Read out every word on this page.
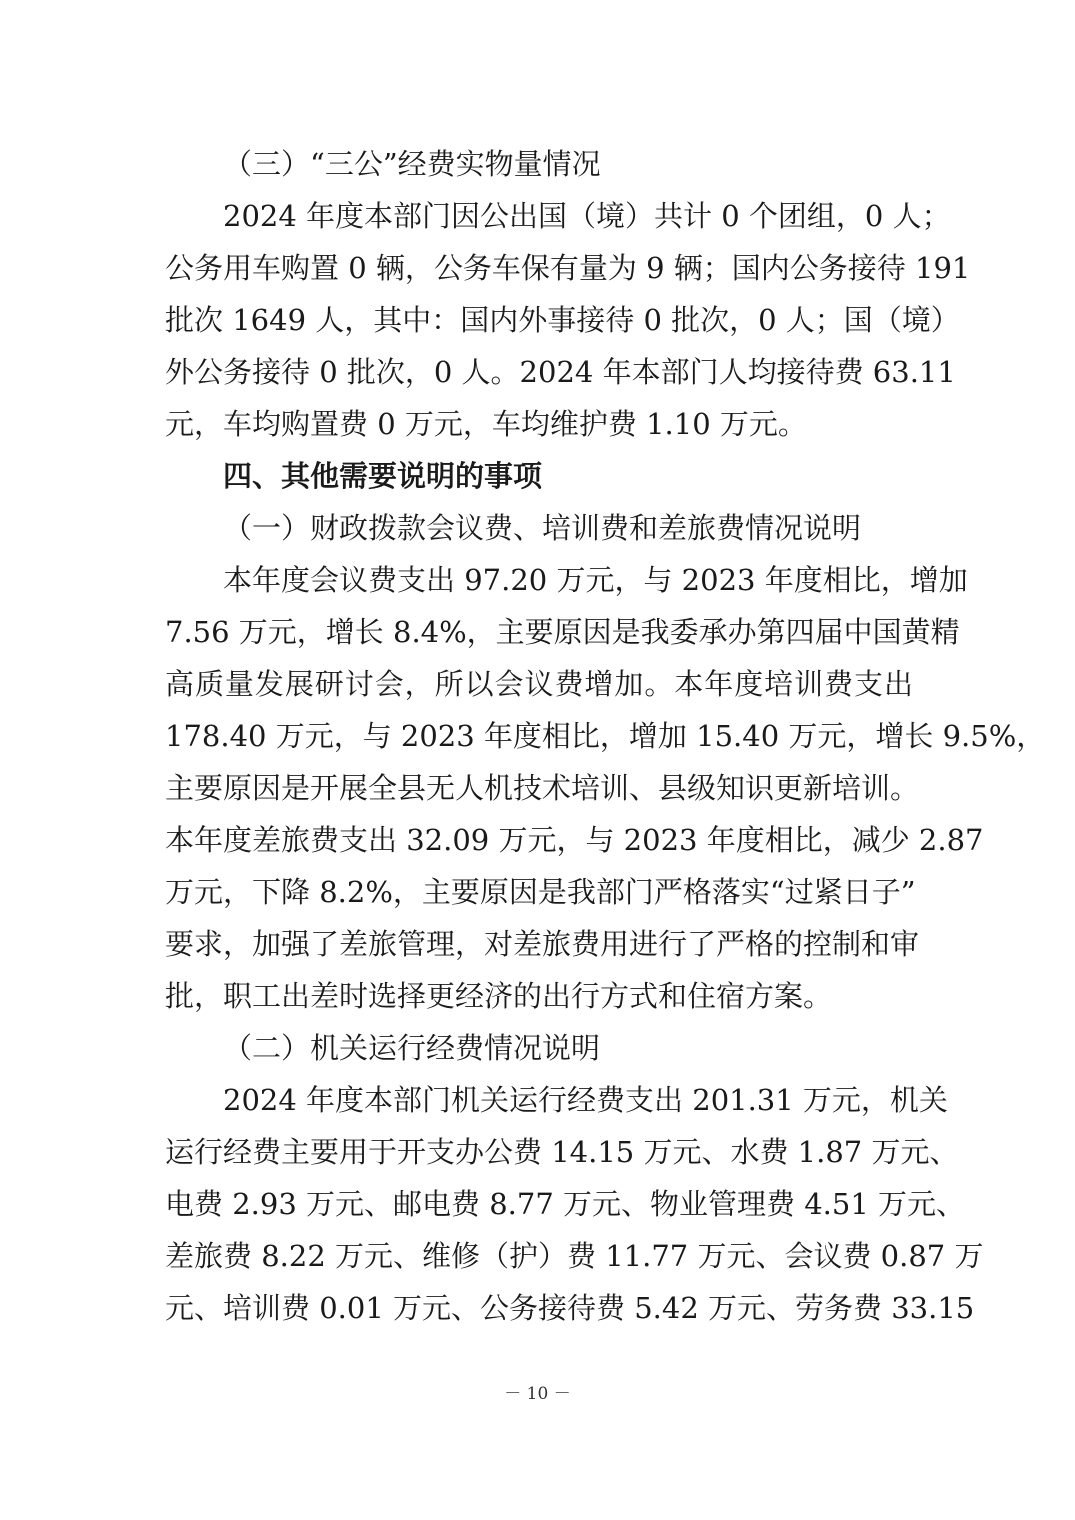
（三）“三公”经费实物量情况

2024 年度本部门因公出国（境）共计 0 个团组，0 人；

公务用车购置 0 辆，公务车保有量为 9 辆；国内公务接待 191

批次 1649 人，其中：国内外事接待 0 批次，0 人；国（境）

外公务接待 0 批次，0 人。2024 年本部门人均接待费 63.11

元，车均购置费 0 万元，车均维护费 1.10 万元。

四、其他需要说明的事项

（一）财政拨款会议费、培训费和差旅费情况说明

本年度会议费支出 97.20 万元，与 2023 年度相比，增加

7.56 万元，增长 8.4%，主要原因是我委承办第四届中国黄精

高质量发展研讨会，所以会议费增加。本年度培训费支出

178.40 万元，与 2023 年度相比，增加 15.40 万元，增长 9.5%，

主要原因是开展全县无人机技术培训、县级知识更新培训。

本年度差旅费支出 32.09 万元，与 2023 年度相比，减少 2.87

万元，下降 8.2%，主要原因是我部门严格落实“过紧日子”

要求，加强了差旅管理，对差旅费用进行了严格的控制和审

批，职工出差时选择更经济的出行方式和住宿方案。

（二）机关运行经费情况说明

2024 年度本部门机关运行经费支出 201.31 万元，机关

运行经费主要用于开支办公费 14.15 万元、水费 1.87 万元、

电费 2.93 万元、邮电费 8.77 万元、物业管理费 4.51 万元、

差旅费 8.22 万元、维修（护）费 11.77 万元、会议费 0.87 万

元、培训费 0.01 万元、公务接待费 5.42 万元、劳务费 33.15

－ 10 －
